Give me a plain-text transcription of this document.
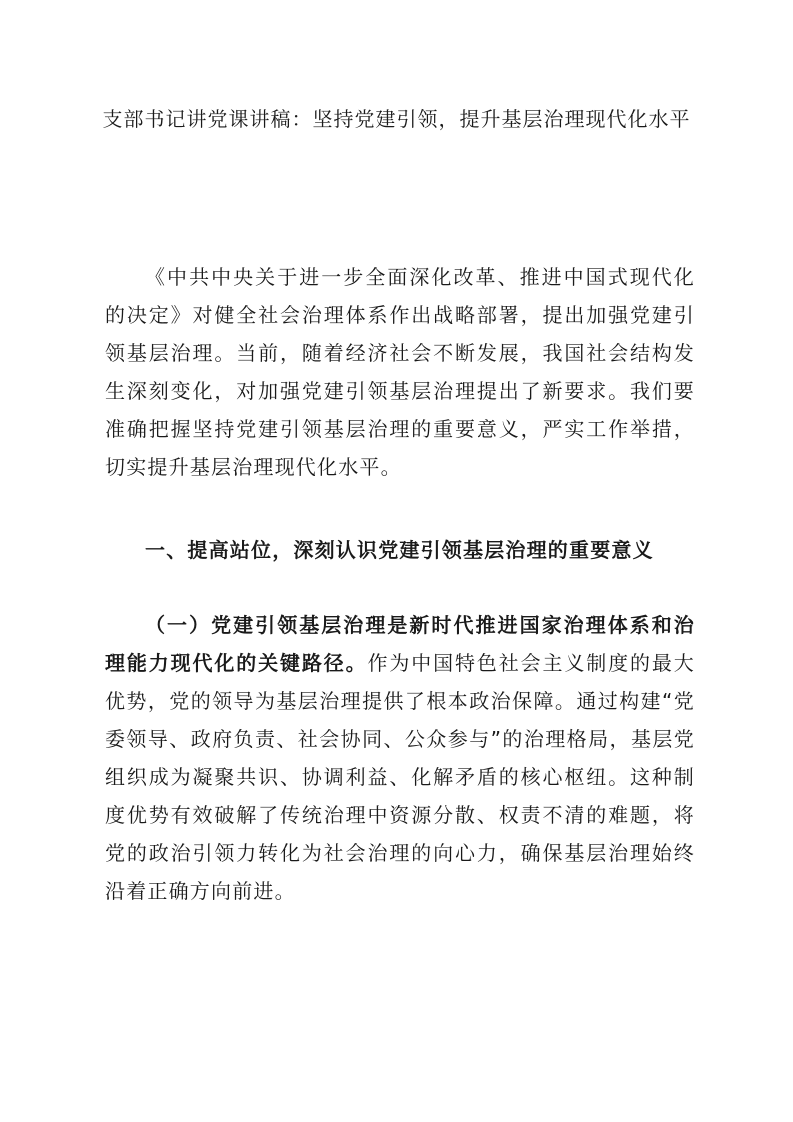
支部书记讲党课讲稿：坚持党建引领，提升基层治理现代化水平

《中共中央关于进一步全面深化改革、推进中国式现代化的决定》对健全社会治理体系作出战略部署，提出加强党建引领基层治理。当前，随着经济社会不断发展，我国社会结构发生深刻变化，对加强党建引领基层治理提出了新要求。我们要准确把握坚持党建引领基层治理的重要意义，严实工作举措，切实提升基层治理现代化水平。

一、提高站位，深刻认识党建引领基层治理的重要意义

（一）党建引领基层治理是新时代推进国家治理体系和治理能力现代化的关键路径。作为中国特色社会主义制度的最大优势，党的领导为基层治理提供了根本政治保障。通过构建“党委领导、政府负责、社会协同、公众参与”的治理格局，基层党组织成为凝聚共识、协调利益、化解矛盾的核心枢纽。这种制度优势有效破解了传统治理中资源分散、权责不清的难题，将党的政治引领力转化为社会治理的向心力，确保基层治理始终沿着正确方向前进。
